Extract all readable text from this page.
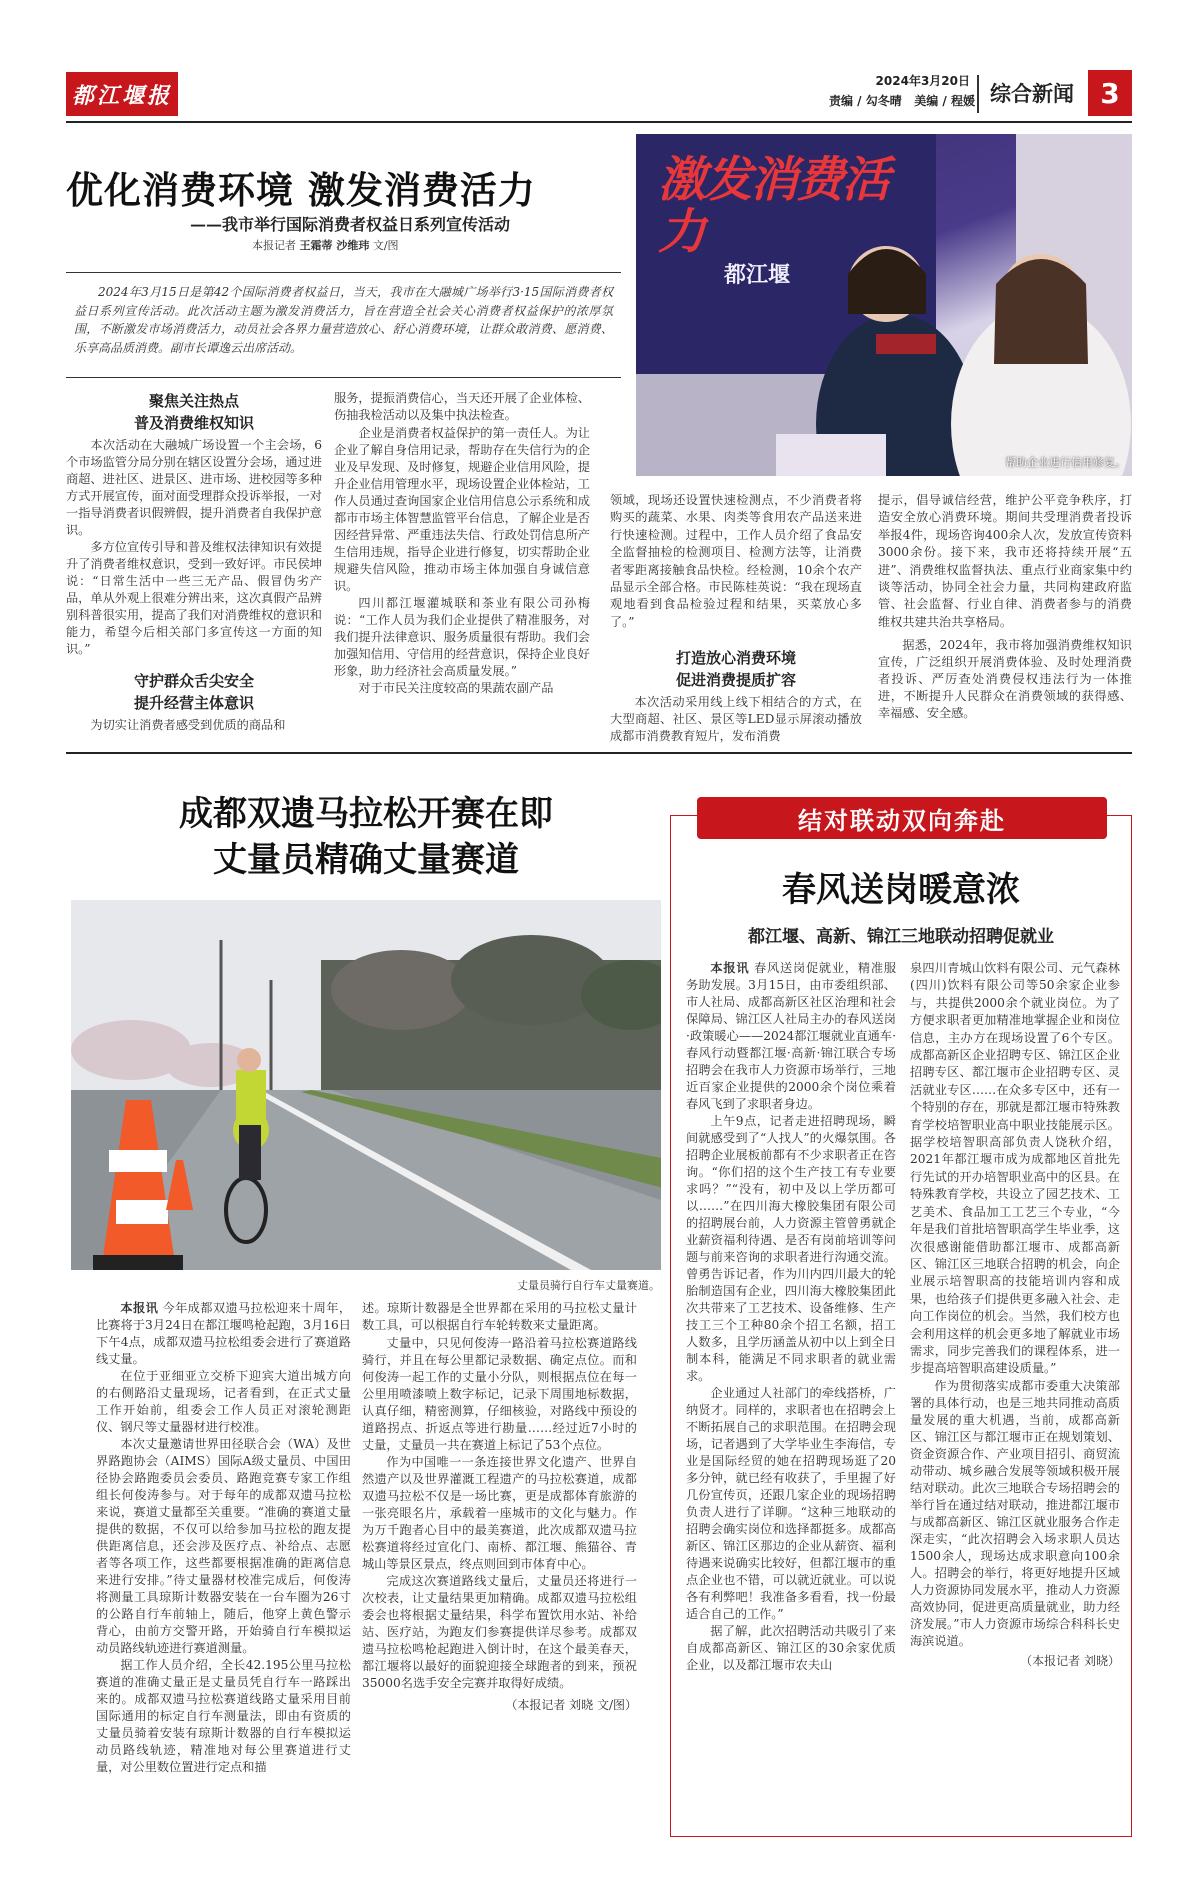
都江堰报
2024年3月20日
责编 / 勾冬晴   美编 / 程媛 综合新闻 3
优化消费环境 激发消费活力
——我市举行国际消费者权益日系列宣传活动
本报记者 王霜蒂 沙维玮 文/图

2024年3月15日是第42个国际消费者权益日，当天，我市在大融城广场举行3·15国际消费者权益日系列宣传活动。此次活动主题为激发消费活力，旨在营造全社会关心消费者权益保护的浓厚氛围，不断激发市场消费活力，动员社会各界力量营造放心、舒心消费环境，让群众敢消费、愿消费、乐享高品质消费。副市长谭逸云出席活动。

激发消费活力
都江堰
帮助企业进行信用修复。
聚焦关注热点
普及消费维权知识

本次活动在大融城广场设置一个主会场，6个市场监管分局分别在辖区设置分会场，通过进商超、进社区、进景区、进市场、进校园等多种方式开展宣传，面对面受理群众投诉举报，一对一指导消费者识假辨假，提升消费者自我保护意识。

多方位宣传引导和普及维权法律知识有效提升了消费者维权意识，受到一致好评。市民侯坤说：“日常生活中一些三无产品、假冒伪劣产品，单从外观上很难分辨出来，这次真假产品辨别科普很实用，提高了我们对消费维权的意识和能力，希望今后相关部门多宣传这一方面的知识。”

守护群众舌尖安全
提升经营主体意识

为切实让消费者感受到优质的商品和

服务，提振消费信心，当天还开展了企业体检、伤抽我检活动以及集中执法检查。

企业是消费者权益保护的第一责任人。为让企业了解自身信用记录，帮助存在失信行为的企业及早发现、及时修复，规避企业信用风险，提升企业信用管理水平，现场设置企业体检站，工作人员通过查询国家企业信用信息公示系统和成都市市场主体智慧监管平台信息，了解企业是否因经营异常、严重违法失信、行政处罚信息所产生信用违规，指导企业进行修复，切实帮助企业规避失信风险，推动市场主体加强自身诚信意识。

四川都江堰灌城联和茶业有限公司孙梅说：“工作人员为我们企业提供了精准服务，对我们提升法律意识、服务质量很有帮助。我们会加强知信用、守信用的经营意识，保持企业良好形象，助力经济社会高质量发展。”

对于市民关注度较高的果蔬农副产品

领域，现场还设置快速检测点，不少消费者将购买的蔬菜、水果、肉类等食用农产品送来进行快速检测。过程中，工作人员介绍了食品安全监督抽检的检测项目、检测方法等，让消费者零距离接触食品快检。经检测，10余个农产品显示全部合格。市民陈桂英说：“我在现场直观地看到食品检验过程和结果，买菜放心多了。”

打造放心消费环境
促进消费提质扩容

本次活动采用线上线下相结合的方式，在大型商超、社区、景区等LED显示屏滚动播放成都市消费教育短片，发布消费

提示，倡导诚信经营，维护公平竞争秩序，打造安全放心消费环境。期间共受理消费者投诉举报4件，现场咨询400余人次，发放宣传资料3000余份。接下来，我市还将持续开展“五进”、消费维权监督执法、重点行业商家集中约谈等活动，协同全社会力量，共同构建政府监管、社会监督、行业自律、消费者参与的消费维权共建共治共享格局。

据悉，2024年，我市将加强消费维权知识宣传，广泛组织开展消费体验、及时处理消费者投诉、严厉查处消费侵权违法行为一体推进，不断提升人民群众在消费领域的获得感、幸福感、安全感。

成都双遗马拉松开赛在即
丈量员精确丈量赛道
丈量员骑行自行车丈量赛道。

本报讯 今年成都双遗马拉松迎来十周年，比赛将于3月24日在都江堰鸣枪起跑，3月16日下午4点，成都双遗马拉松组委会进行了赛道路线丈量。

在位于亚细亚立交桥下迎宾大道出城方向的右侧路沿丈量现场，记者看到，在正式丈量工作开始前，组委会工作人员正对滚轮测距仪、钢尺等丈量器材进行校准。

本次丈量邀请世界田径联合会（WA）及世界路跑协会（AIMS）国际A级丈量员、中国田径协会路跑委员会委员、路跑竞赛专家工作组组长何俊涛参与。对于每年的成都双遗马拉松来说，赛道丈量都至关重要。“准确的赛道丈量提供的数据，不仅可以给参加马拉松的跑友提供距离信息，还会涉及医疗点、补给点、志愿者等各项工作，这些都要根据准确的距离信息来进行安排。”待丈量器材校准完成后，何俊涛将测量工具琼斯计数器安装在一台车圈为26寸的公路自行车前轴上，随后，他穿上黄色警示背心，由前方交警开路，开始骑自行车模拟运动员路线轨迹进行赛道测量。

据工作人员介绍，全长42.195公里马拉松赛道的准确丈量正是丈量员凭自行车一路踩出来的。成都双遗马拉松赛道线路丈量采用目前国际通用的标定自行车测量法，即由有资质的丈量员骑着安装有琼斯计数器的自行车模拟运动员路线轨迹，精准地对每公里赛道进行丈量，对公里数位置进行定点和描

述。琼斯计数器是全世界都在采用的马拉松丈量计数工具，可以根据自行车轮转数来丈量距离。

丈量中，只见何俊涛一路沿着马拉松赛道路线骑行，并且在每公里都记录数据、确定点位。而和何俊涛一起工作的丈量小分队，则根据点位在每一公里用喷漆喷上数字标记，记录下周围地标数据，认真仔细，精密测算，仔细核验，对路线中预设的道路拐点、折返点等进行勘量……经过近7小时的丈量，丈量员一共在赛道上标记了53个点位。

作为中国唯一一条连接世界文化遗产、世界自然遗产以及世界灌溉工程遗产的马拉松赛道，成都双遗马拉松不仅是一场比赛，更是成都体育旅游的一张亮眼名片，承载着一座城市的文化与魅力。作为万千跑者心目中的最美赛道，此次成都双遗马拉松赛道将经过宣化门、南桥、都江堰、熊猫谷、青城山等景区景点，终点则回到市体育中心。

完成这次赛道路线丈量后，丈量员还将进行一次校表，让丈量结果更加精确。成都双遗马拉松组委会也将根据丈量结果，科学布置饮用水站、补给站、医疗站，为跑友们参赛提供详尽参考。成都双遗马拉松鸣枪起跑进入倒计时，在这个最美春天，都江堰将以最好的面貌迎接全球跑者的到来，预祝35000名选手安全完赛并取得好成绩。

（本报记者 刘晓 文/图）
结对联动双向奔赴
春风送岗暖意浓
都江堰、高新、锦江三地联动招聘促就业

本报讯 春风送岗促就业，精准服务助发展。3月15日，由市委组织部、市人社局、成都高新区社区治理和社会保障局、锦江区人社局主办的春风送岗·政策暖心——2024都江堰就业直通车·春风行动暨都江堰·高新·锦江联合专场招聘会在我市人力资源市场举行，三地近百家企业提供的2000余个岗位乘着春风飞到了求职者身边。

上午9点，记者走进招聘现场，瞬间就感受到了“人找人”的火爆氛围。各招聘企业展板前都有不少求职者正在咨询。“你们招的这个生产技工有专业要求吗？”“没有，初中及以上学历都可以……”在四川海大橡胶集团有限公司的招聘展台前，人力资源主管曾勇就企业薪资福利待遇、是否有岗前培训等问题与前来咨询的求职者进行沟通交流。曾勇告诉记者，作为川内四川最大的轮胎制造国有企业，四川海大橡胶集团此次共带来了工艺技术、设备维修、生产技工三个工种80余个招工名额，招工人数多，且学历涵盖从初中以上到全日制本科，能满足不同求职者的就业需求。

企业通过人社部门的牵线搭桥，广纳贤才。同样的，求职者也在招聘会上不断拓展自己的求职范围。在招聘会现场，记者遇到了大学毕业生李海信，专业是国际经贸的她在招聘现场逛了20多分钟，就已经有收获了，手里握了好几份宣传页，还跟几家企业的现场招聘负责人进行了详聊。“这种三地联动的招聘会确实岗位和选择都挺多。成都高新区、锦江区那边的企业从薪资、福利待遇来说确实比较好，但都江堰市的重点企业也不错，可以就近就业。可以说各有利弊吧！我准备多看看，找一份最适合自己的工作。”

据了解，此次招聘活动共吸引了来自成都高新区、锦江区的30余家优质企业，以及都江堰市农夫山

泉四川青城山饮料有限公司、元气森林(四川)饮料有限公司等50余家企业参与，共提供2000余个就业岗位。为了方便求职者更加精准地掌握企业和岗位信息，主办方在现场设置了6个专区。成都高新区企业招聘专区、锦江区企业招聘专区、都江堰市企业招聘专区、灵活就业专区……在众多专区中，还有一个特别的存在，那就是都江堰市特殊教育学校培智职业高中职业技能展示区。据学校培智职高部负责人饶秋介绍，2021年都江堰市成为成都地区首批先行先试的开办培智职业高中的区县。在特殊教育学校，共设立了园艺技术、工艺美术、食品加工工艺三个专业，“今年是我们首批培智职高学生毕业季，这次很感谢能借助都江堰市、成都高新区、锦江区三地联合招聘的机会，向企业展示培智职高的技能培训内容和成果，也给孩子们提供更多融入社会、走向工作岗位的机会。当然，我们校方也会利用这样的机会更多地了解就业市场需求，同步完善我们的课程体系，进一步提高培智职高建设质量。”

作为贯彻落实成都市委重大决策部署的具体行动，也是三地共同推动高质量发展的重大机遇，当前，成都高新区、锦江区与都江堰市正在规划策划、资金资源合作、产业项目招引、商贸流动带动、城乡融合发展等领域积极开展结对联动。此次三地联合专场招聘会的举行旨在通过结对联动，推进都江堰市与成都高新区、锦江区就业服务合作走深走实，“此次招聘会入场求职人员达1500余人，现场达成求职意向100余人。招聘会的举行，将更好地提升区域人力资源协同发展水平，推动人力资源高效协同，促进更高质量就业，助力经济发展。”市人力资源市场综合科科长史海滨说道。

（本报记者 刘晓）
